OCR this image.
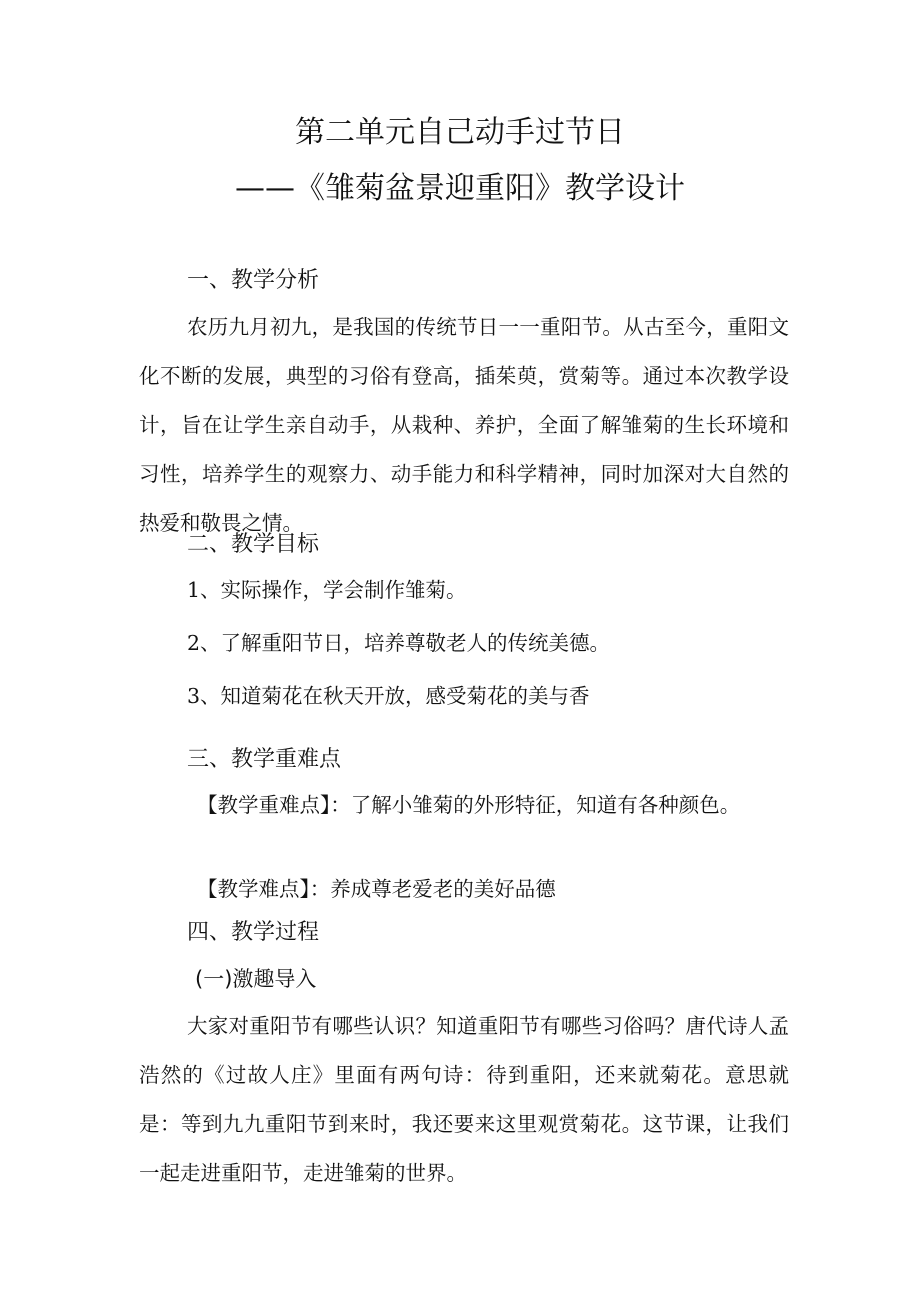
第二单元自己动手过节日
——《雏菊盆景迎重阳》教学设计
一、教学分析
农历九月初九，是我国的传统节日一一重阳节。从古至今，重阳文化不断的发展，典型的习俗有登高，插茱萸，赏菊等。通过本次教学设计，旨在让学生亲自动手，从栽种、养护，全面了解雏菊的生长环境和习性，培养学生的观察力、动手能力和科学精神，同时加深对大自然的热爱和敬畏之情。
二、教学目标
1、实际操作，学会制作雏菊。
2、了解重阳节日，培养尊敬老人的传统美德。
3、知道菊花在秋天开放，感受菊花的美与香
三、教学重难点
【教学重难点】：了解小雏菊的外形特征，知道有各种颜色。
【教学难点】：养成尊老爱老的美好品德
四、教学过程
(一)激趣导入
大家对重阳节有哪些认识？知道重阳节有哪些习俗吗？唐代诗人孟浩然的《过故人庄》里面有两句诗：待到重阳，还来就菊花。意思就是：等到九九重阳节到来时，我还要来这里观赏菊花。这节课，让我们一起走进重阳节，走进雏菊的世界。
